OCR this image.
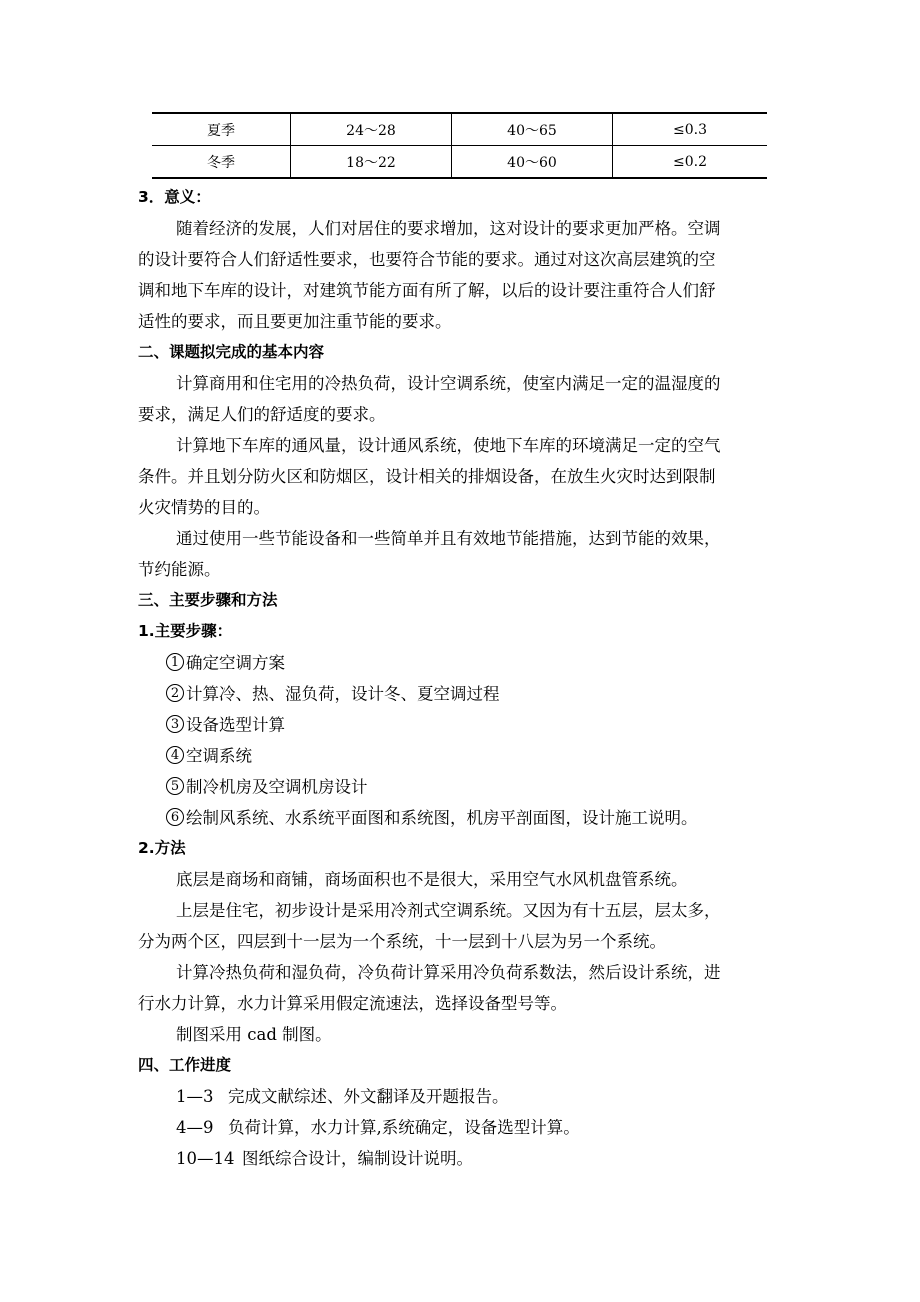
夏季	24～28	40～65	≤0.3
冬季	18～22	40～60	≤0.2
3．意义：
随着经济的发展，人们对居住的要求增加，这对设计的要求更加严格。空调
的设计要符合人们舒适性要求，也要符合节能的要求。通过对这次高层建筑的空
调和地下车库的设计，对建筑节能方面有所了解，以后的设计要注重符合人们舒
适性的要求，而且要更加注重节能的要求。
二、课题拟完成的基本内容
计算商用和住宅用的冷热负荷，设计空调系统，使室内满足一定的温湿度的
要求，满足人们的舒适度的要求。
计算地下车库的通风量，设计通风系统，使地下车库的环境满足一定的空气
条件。并且划分防火区和防烟区，设计相关的排烟设备，在放生火灾时达到限制
火灾情势的目的。
通过使用一些节能设备和一些简单并且有效地节能措施，达到节能的效果，
节约能源。
三、主要步骤和方法
1.主要步骤：
1 确定空调方案
2 计算冷、热、湿负荷，设计冬、夏空调过程
3 设备选型计算
4 空调系统
5 制冷机房及空调机房设计
6 绘制风系统、水系统平面图和系统图，机房平剖面图，设计施工说明。
2.方法
底层是商场和商铺，商场面积也不是很大，采用空气水风机盘管系统。
上层是住宅，初步设计是采用冷剂式空调系统。又因为有十五层，层太多，
分为两个区，四层到十一层为一个系统，十一层到十八层为另一个系统。
计算冷热负荷和湿负荷，冷负荷计算采用冷负荷系数法，然后设计系统，进
行水力计算，水力计算采用假定流速法，选择设备型号等。
制图采用 cad 制图。
四、工作进度
1—3 完成文献综述、外文翻译及开题报告。
4—9 负荷计算，水力计算,系统确定，设备选型计算。
10—14 图纸综合设计，编制设计说明。
